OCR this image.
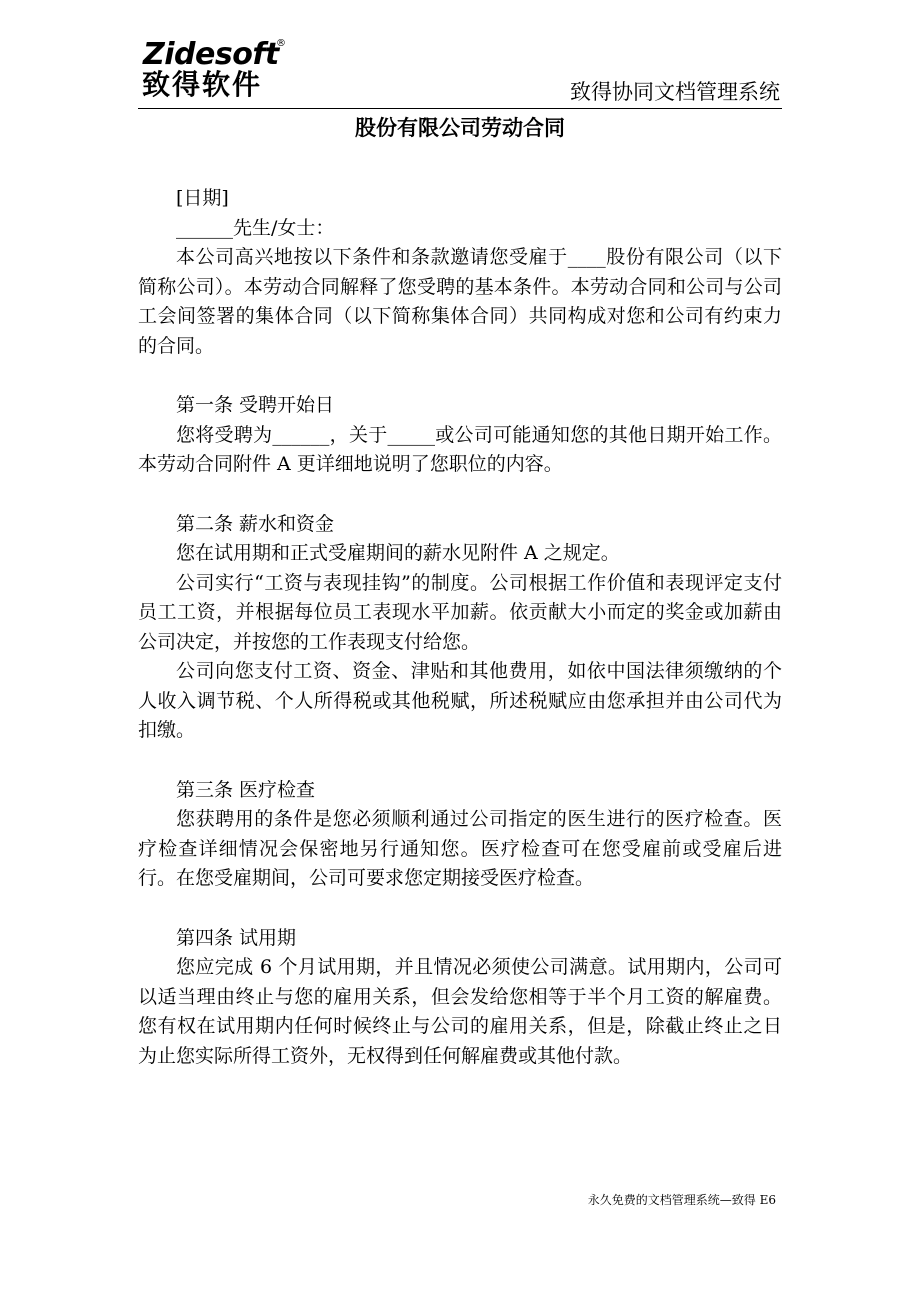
Zidesoft
®
致得软件	致得协同文档管理系统
股份有限公司劳动合同

[日期]

______先生/女士：

本公司高兴地按以下条件和条款邀请您受雇于____股份有限公司（以下简称公司）。本劳动合同解释了您受聘的基本条件。本劳动合同和公司与公司工会间签署的集体合同（以下简称集体合同）共同构成对您和公司有约束力的合同。

第一条 受聘开始日

您将受聘为______，关于_____或公司可能通知您的其他日期开始工作。本劳动合同附件 A 更详细地说明了您职位的内容。

第二条 薪水和资金

您在试用期和正式受雇期间的薪水见附件 A 之规定。

公司实行“工资与表现挂钩”的制度。公司根据工作价值和表现评定支付员工工资，并根据每位员工表现水平加薪。依贡献大小而定的奖金或加薪由公司决定，并按您的工作表现支付给您。

公司向您支付工资、资金、津贴和其他费用，如依中国法律须缴纳的个人收入调节税、个人所得税或其他税赋，所述税赋应由您承担并由公司代为扣缴。

第三条 医疗检查

您获聘用的条件是您必须顺利通过公司指定的医生进行的医疗检查。医疗检查详细情况会保密地另行通知您。医疗检查可在您受雇前或受雇后进行。在您受雇期间，公司可要求您定期接受医疗检查。

第四条 试用期

您应完成 6 个月试用期，并且情况必须使公司满意。试用期内，公司可以适当理由终止与您的雇用关系，但会发给您相等于半个月工资的解雇费。您有权在试用期内任何时候终止与公司的雇用关系，但是，除截止终止之日为止您实际所得工资外，无权得到任何解雇费或其他付款。

永久免费的文档管理系统—致得 E6
